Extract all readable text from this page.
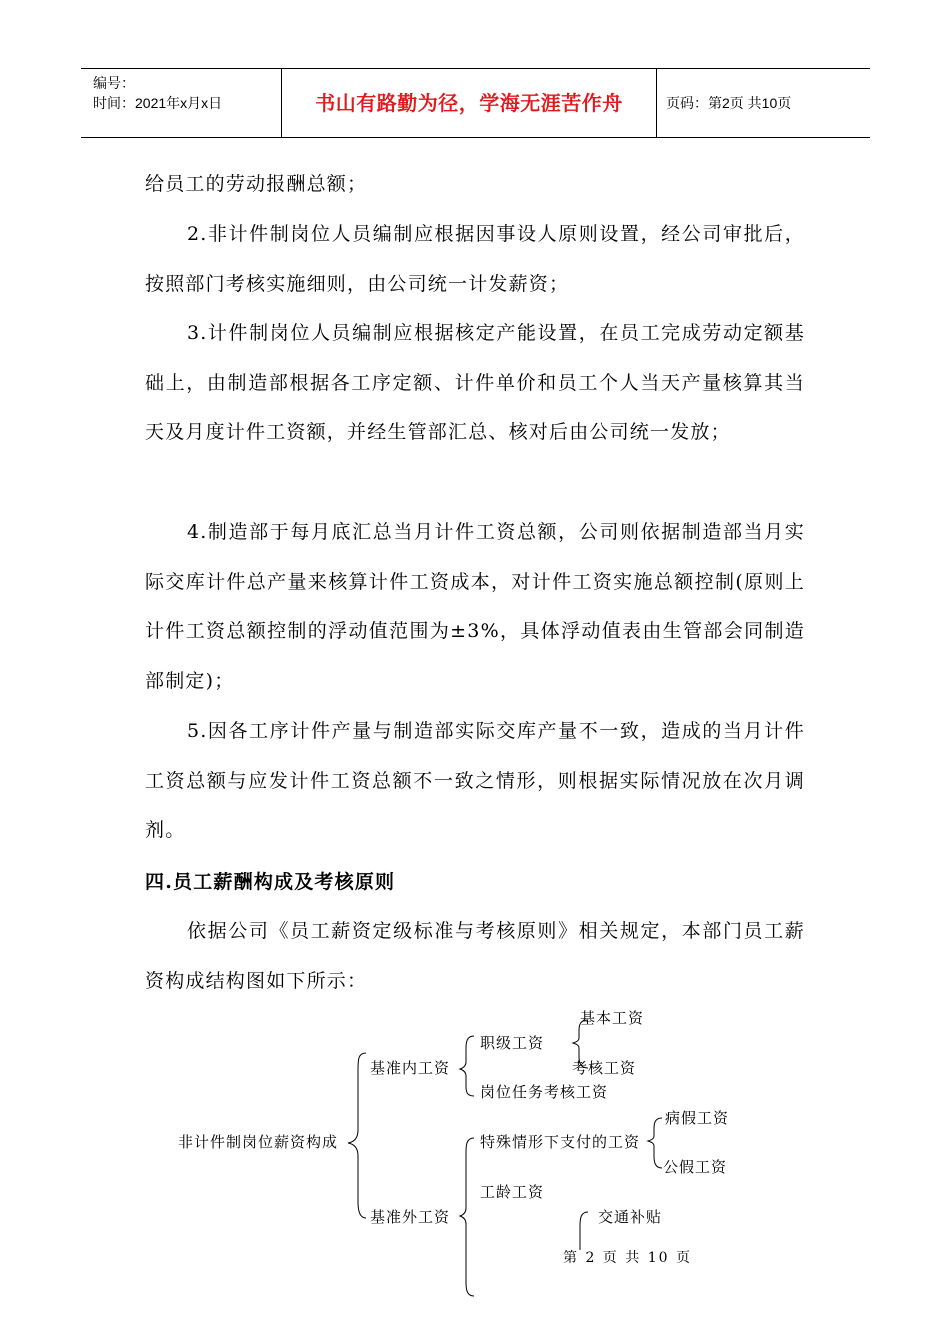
编号：
时间：2021年x月x日	书山有路勤为径，学海无涯苦作舟	页码：第2页 共10页

给员工的劳动报酬总额；

2.非计件制岗位人员编制应根据因事设人原则设置，经公司审批后，按照部门考核实施细则，由公司统一计发薪资；

3.计件制岗位人员编制应根据核定产能设置，在员工完成劳动定额基础上，由制造部根据各工序定额、计件单价和员工个人当天产量核算其当天及月度计件工资额，并经生管部汇总、核对后由公司统一发放；

4.制造部于每月底汇总当月计件工资总额，公司则依据制造部当月实际交库计件总产量来核算计件工资成本，对计件工资实施总额控制(原则上计件工资总额控制的浮动值范围为±3%，具体浮动值表由生管部会同制造部制定)；

5.因各工序计件产量与制造部实际交库产量不一致，造成的当月计件工资总额与应发计件工资总额不一致之情形，则根据实际情况放在次月调剂。

四.员工薪酬构成及考核原则

依据公司《员工薪资定级标准与考核原则》相关规定，本部门员工薪资构成结构图如下所示：

非计件制岗位薪资构成
基准内工资
职级工资
基本工资
考核工资
岗位任务考核工资
特殊情形下支付的工资
病假工资
公假工资
基准外工资
工龄工资
交通补贴
第 2 页 共 10 页
